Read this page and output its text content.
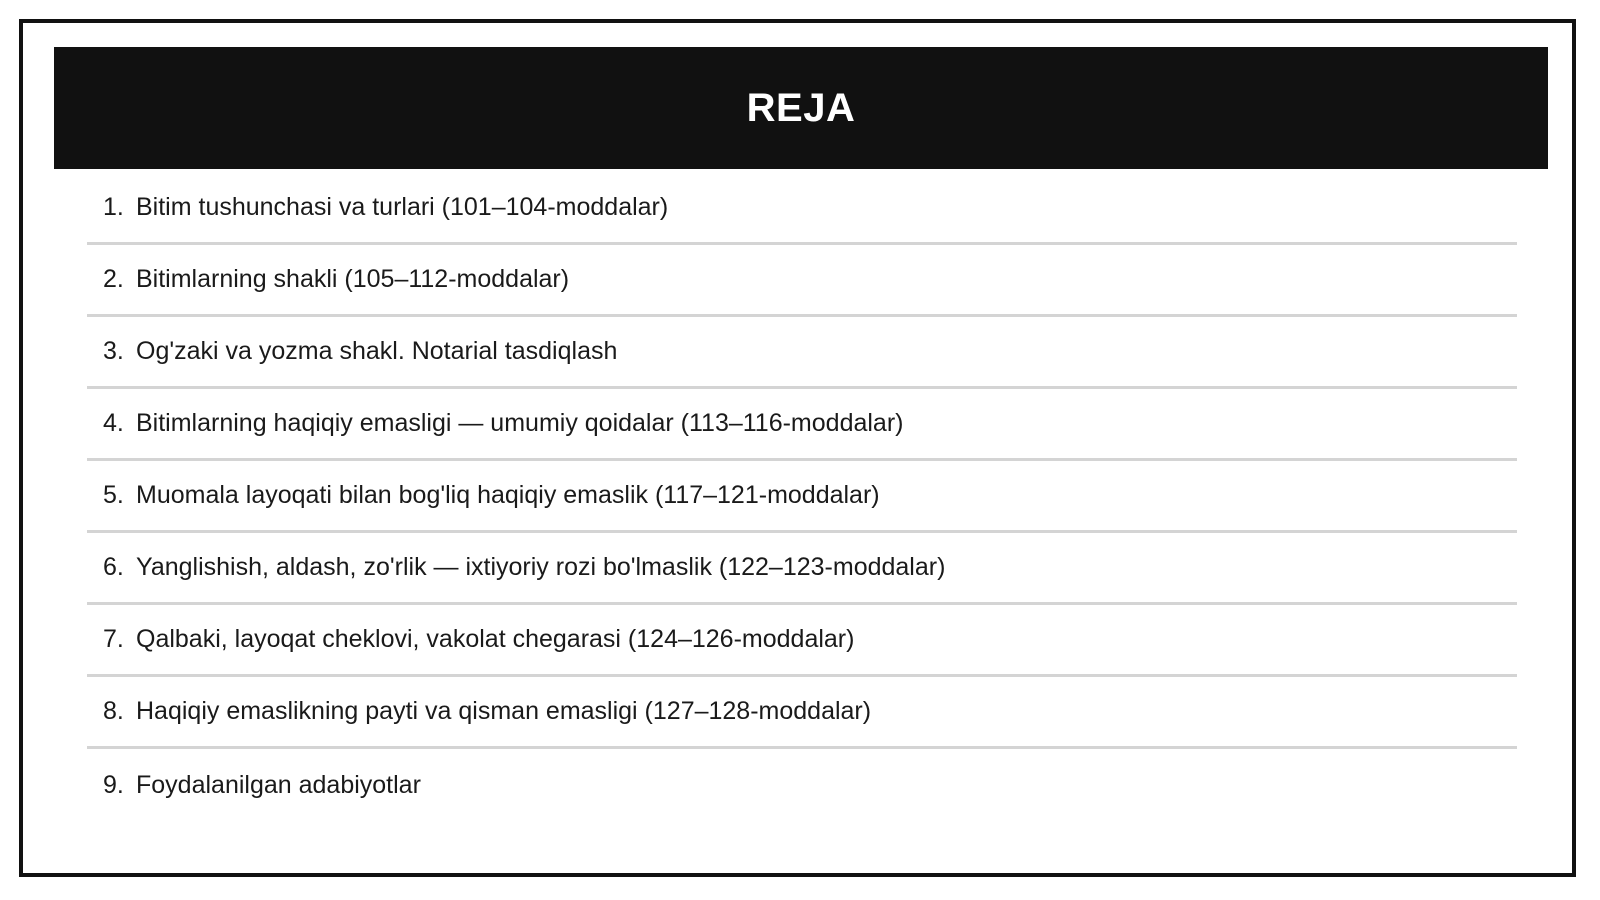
REJA
1. Bitim tushunchasi va turlari (101–104-moddalar)
2. Bitimlarning shakli (105–112-moddalar)
3. Og'zaki va yozma shakl. Notarial tasdiqlash
4. Bitimlarning haqiqiy emasligi — umumiy qoidalar (113–116-moddalar)
5. Muomala layoqati bilan bog'liq haqiqiy emaslik (117–121-moddalar)
6. Yanglishish, aldash, zo'rlik — ixtiyoriy rozi bo'lmaslik (122–123-moddalar)
7. Qalbaki, layoqat cheklovi, vakolat chegarasi (124–126-moddalar)
8. Haqiqiy emaslikning payti va qisman emasligi (127–128-moddalar)
9. Foydalanilgan adabiyotlar
